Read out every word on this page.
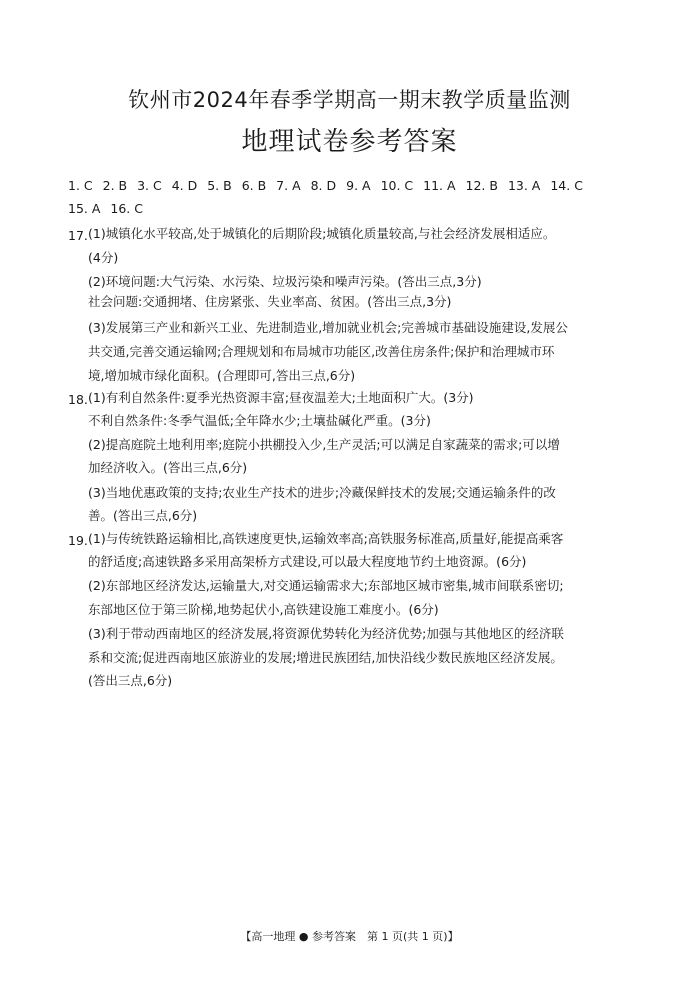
钦州市2024年春季学期高一期末教学质量监测
地理试卷参考答案
1. C 2. B 3. C 4. D 5. B 6. B 7. A 8. D 9. A 10. C 11. A 12. B 13. A 14. C
15. A 16. C
17. (1)城镇化水平较高,处于城镇化的后期阶段;城镇化质量较高,与社会经济发展相适应。
(4分)
(2)环境问题:大气污染、水污染、垃圾污染和噪声污染。(答出三点,3分)
社会问题:交通拥堵、住房紧张、失业率高、贫困。(答出三点,3分)
(3)发展第三产业和新兴工业、先进制造业,增加就业机会;完善城市基础设施建设,发展公
共交通,完善交通运输网;合理规划和布局城市功能区,改善住房条件;保护和治理城市环
境,增加城市绿化面积。(合理即可,答出三点,6分)
18. (1)有利自然条件:夏季光热资源丰富;昼夜温差大;土地面积广大。(3分)
不利自然条件:冬季气温低;全年降水少;土壤盐碱化严重。(3分)
(2)提高庭院土地利用率;庭院小拱棚投入少,生产灵活;可以满足自家蔬菜的需求;可以增
加经济收入。(答出三点,6分)
(3)当地优惠政策的支持;农业生产技术的进步;冷藏保鲜技术的发展;交通运输条件的改
善。(答出三点,6分)
19. (1)与传统铁路运输相比,高铁速度更快,运输效率高;高铁服务标准高,质量好,能提高乘客
的舒适度;高速铁路多采用高架桥方式建设,可以最大程度地节约土地资源。(6分)
(2)东部地区经济发达,运输量大,对交通运输需求大;东部地区城市密集,城市间联系密切;
东部地区位于第三阶梯,地势起伏小,高铁建设施工难度小。(6分)
(3)利于带动西南地区的经济发展,将资源优势转化为经济优势;加强与其他地区的经济联
系和交流;促进西南地区旅游业的发展;增进民族团结,加快沿线少数民族地区经济发展。
(答出三点,6分)
【高一地理 ● 参考答案　第 1 页(共 1 页)】
